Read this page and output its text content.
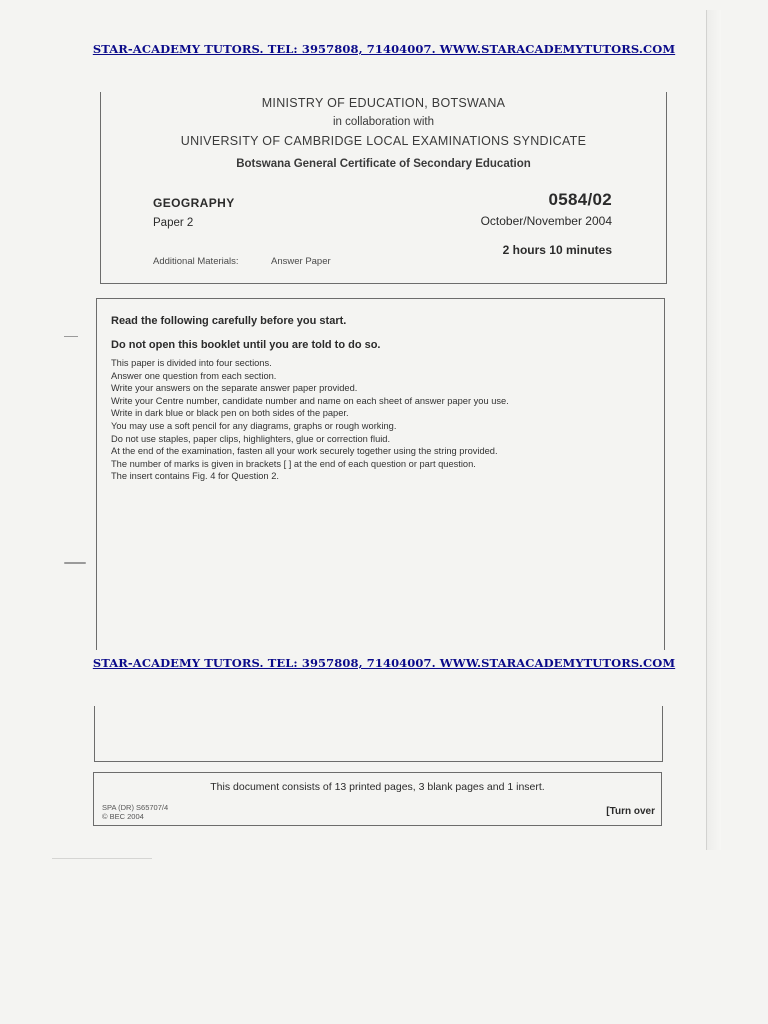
STAR-ACADEMY TUTORS. TEL: 3957808, 71404007. WWW.STARACADEMYTUTORS.COM
MINISTRY OF EDUCATION, BOTSWANA
in collaboration with
UNIVERSITY OF CAMBRIDGE LOCAL EXAMINATIONS SYNDICATE
Botswana General Certificate of Secondary Education
GEOGRAPHY
Paper 2
0584/02
October/November 2004
2 hours 10 minutes
Additional Materials:	Answer Paper
Read the following carefully before you start.
Do not open this booklet until you are told to do so.
This paper is divided into four sections.
Answer one question from each section.
Write your answers on the separate answer paper provided.
Write your Centre number, candidate number and name on each sheet of answer paper you use.
Write in dark blue or black pen on both sides of the paper.
You may use a soft pencil for any diagrams, graphs or rough working.
Do not use staples, paper clips, highlighters, glue or correction fluid.
At the end of the examination, fasten all your work securely together using the string provided.
The number of marks is given in brackets [ ] at the end of each question or part question.
The insert contains Fig. 4 for Question 2.
STAR-ACADEMY TUTORS. TEL: 3957808, 71404007. WWW.STARACADEMYTUTORS.COM
This document consists of 13 printed pages, 3 blank pages and 1 insert.
SPA (DR) S65707/4
© BEC 2004	[Turn over
